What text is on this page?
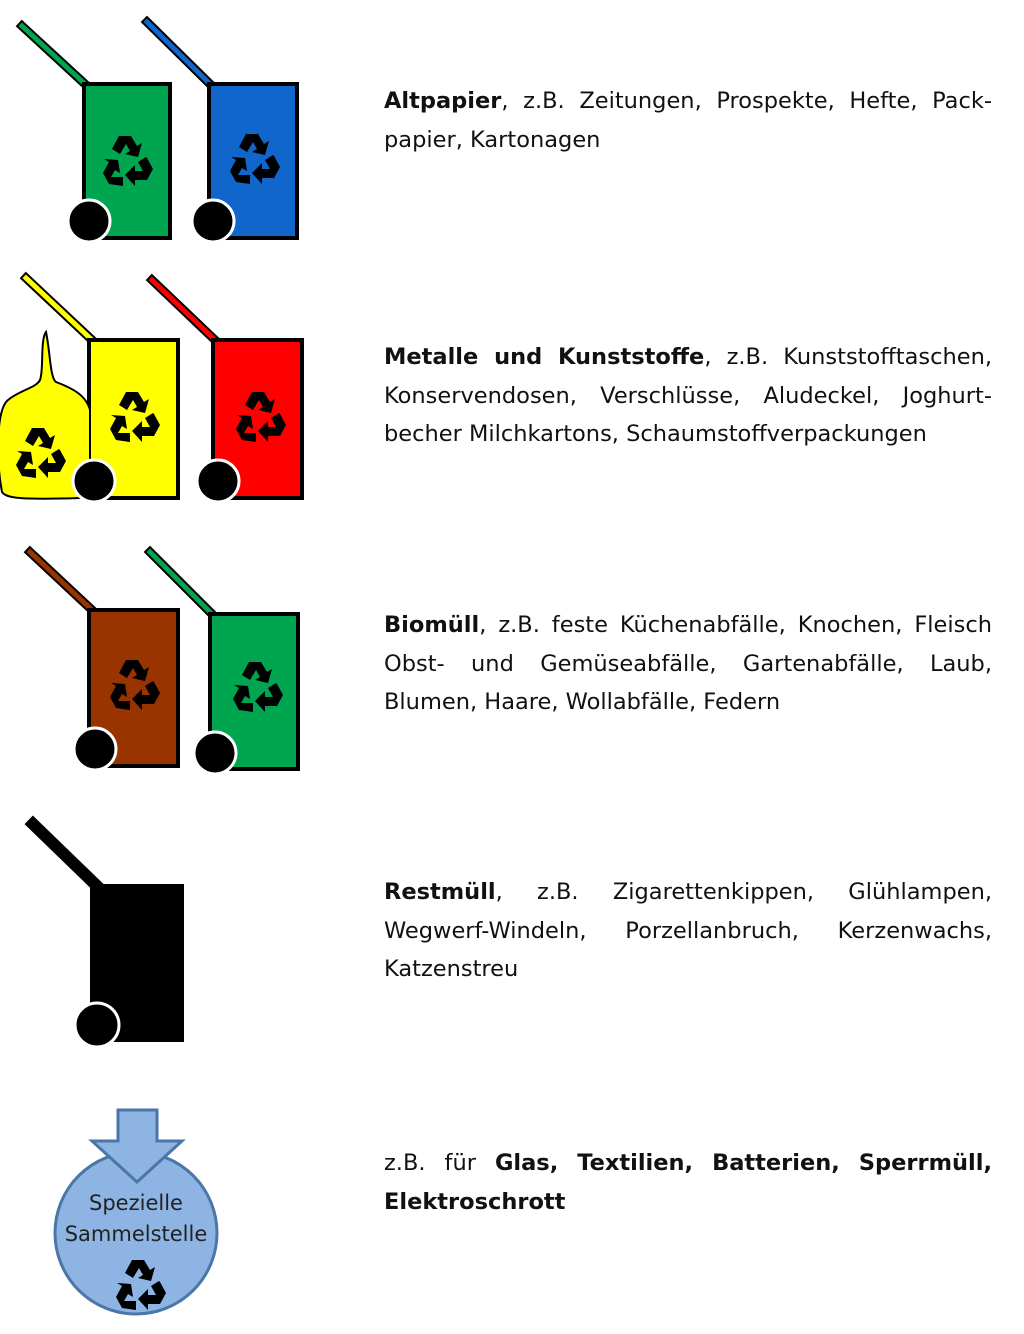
Altpapier, z.B. Zeitungen, Prospekte, Hefte, Pack-papier, Kartonagen
Metalle und Kunststoffe, z.B. Kunststofftaschen, Konservendosen, Verschlüsse, Aludeckel, Joghurt-becher Milchkartons, Schaumstoffverpackungen
Biomüll, z.B. feste Küchenabfälle, Knochen, Fleisch Obst- und Gemüseabfälle, Gartenabfälle, Laub, Blumen, Haare, Wollabfälle, Federn
Restmüll, z.B. Zigarettenkippen, Glühlampen, Wegwerf-Windeln, Porzellanbruch, Kerzenwachs, Katzenstreu
Spezielle
Sammelstelle
z.B. für Glas, Textilien, Batterien, Sperrmüll, Elektroschrott
